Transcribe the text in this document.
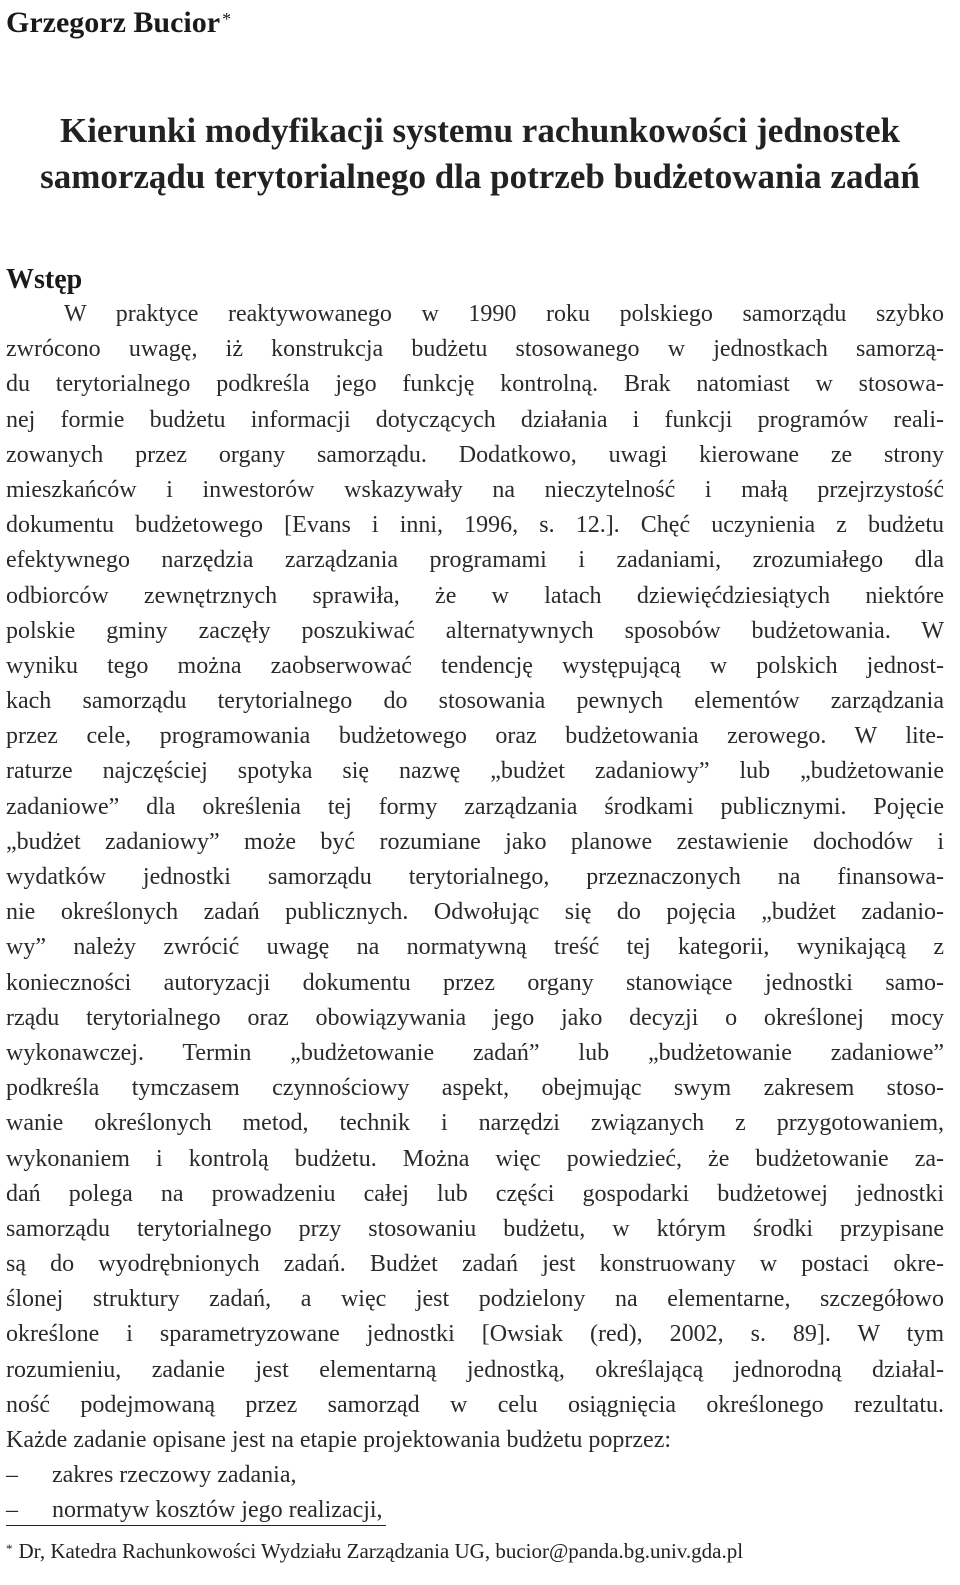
Grzegorz Bucior *
Kierunki modyfikacji systemu rachunkowości jednostek
samorządu terytorialnego dla potrzeb budżetowania zadań
Wstęp
W praktyce reaktywowanego w 1990 roku polskiego samorządu szybko
zwrócono uwagę, iż konstrukcja budżetu stosowanego w jednostkach samorzą-
du terytorialnego podkreśla jego funkcję kontrolną. Brak natomiast w stosowa-
nej formie budżetu informacji dotyczących działania i funkcji programów reali-
zowanych przez organy samorządu. Dodatkowo, uwagi kierowane ze strony
mieszkańców i inwestorów wskazywały na nieczytelność i małą przejrzystość
dokumentu budżetowego [Evans i inni, 1996, s. 12.]. Chęć uczynienia z budżetu
efektywnego narzędzia zarządzania programami i zadaniami, zrozumiałego dla
odbiorców zewnętrznych sprawiła, że w latach dziewięćdziesiątych niektóre
polskie gminy zaczęły poszukiwać alternatywnych sposobów budżetowania. W
wyniku tego można zaobserwować tendencję występującą w polskich jednost-
kach samorządu terytorialnego do stosowania pewnych elementów zarządzania
przez cele, programowania budżetowego oraz budżetowania zerowego. W lite-
raturze najczęściej spotyka się nazwę „budżet zadaniowy” lub „budżetowanie
zadaniowe” dla określenia tej formy zarządzania środkami publicznymi. Pojęcie
„budżet zadaniowy” może być rozumiane jako planowe zestawienie dochodów i
wydatków jednostki samorządu terytorialnego, przeznaczonych na finansowa-
nie określonych zadań publicznych. Odwołując się do pojęcia „budżet zadanio-
wy” należy zwrócić uwagę na normatywną treść tej kategorii, wynikającą z
konieczności autoryzacji dokumentu przez organy stanowiące jednostki samo-
rządu terytorialnego oraz obowiązywania jego jako decyzji o określonej mocy
wykonawczej. Termin „budżetowanie zadań” lub „budżetowanie zadaniowe”
podkreśla tymczasem czynnościowy aspekt, obejmując swym zakresem stoso-
wanie określonych metod, technik i narzędzi związanych z przygotowaniem,
wykonaniem i kontrolą budżetu. Można więc powiedzieć, że budżetowanie za-
dań polega na prowadzeniu całej lub części gospodarki budżetowej jednostki
samorządu terytorialnego przy stosowaniu budżetu, w którym środki przypisane
są do wyodrębnionych zadań. Budżet zadań jest konstruowany w postaci okre-
ślonej struktury zadań, a więc jest podzielony na elementarne, szczegółowo
określone i sparametryzowane jednostki [Owsiak (red), 2002, s. 89]. W tym
rozumieniu, zadanie jest elementarną jednostką, określającą jednorodną działal-
ność podejmowaną przez samorząd w celu osiągnięcia określonego rezultatu.
Każde zadanie opisane jest na etapie projektowania budżetu poprzez:
–	zakres rzeczowy zadania,
–	normatyw kosztów jego realizacji,
* Dr, Katedra Rachunkowości Wydziału Zarządzania UG, bucior@panda.bg.univ.gda.pl
